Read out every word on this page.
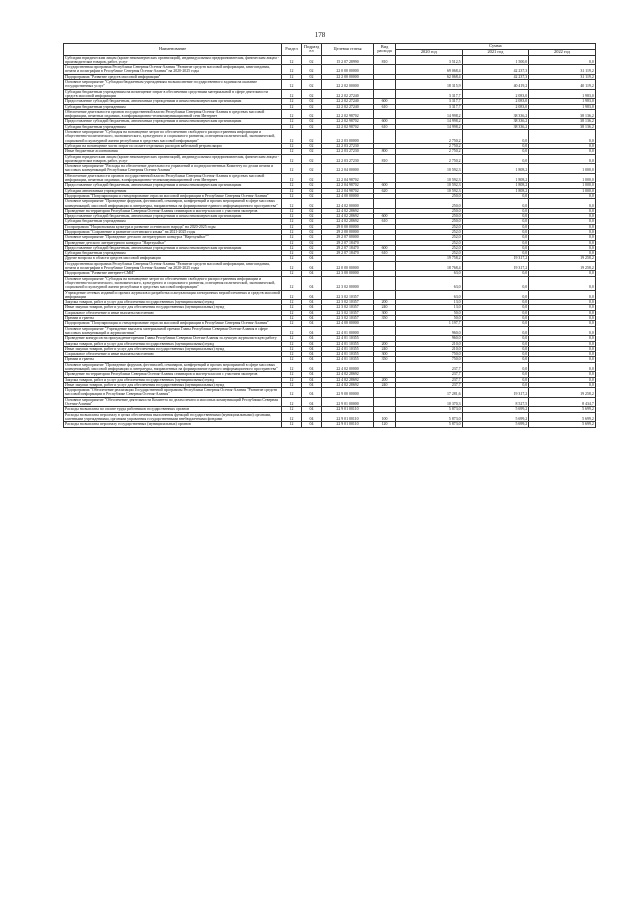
178
Наименование	Раздел	Подраздел	Целевая статья	Вид расхода	Сумма		
					2020 год	2021 год	2022 год
Субсидии юридическим лицам (кроме некоммерческих организаций), индивидуальным предпринимателям, физическим лицам - производителям товаров, работ, услуг	12	02	15 2 07 28990	810	3 512,5	1 500,0	0,0
Государственная программа Республики Северная Осетия-Алания "Развитие средств массовой информации, книгоиздания, печати и полиграфии в Республике Северная Осетия-Алания" на 2020-2025 годы	12	02	22 0 00 00000		69 068,4	42 237,3	31 119,2
Подпрограмма "Развитие средств массовой информации"	12	02	22 2 00 00000		62 068,4	42 237,3	31 119,2
Основное мероприятие "Субсидии бюджетным учреждениям на выполнение государственного задания на оказание государственных услуг"	12	02	22 2 02 00000		18 315,9	40 419,2	40 119,2
Субсидии бюджетным учреждениям на возмещение затрат в обеспечении средствами материальной в сфере деятельности средств массовой информации	12	02	22 2 02 27240		3 317,7	2 083,0	1 983,0
Предоставление субсидий бюджетным, автономным учреждениям и иным некоммерческим организациям	12	02	22 2 02 27240	600	3 317,7	2 083,0	1 983,0
Субсидии бюджетным учреждениям	12	02	22 2 02 27240	610	3 317,7	2 083,0	1 983,0
Обеспечение деятельности органов государственной власти Республики Северная Осетия-Алания в средствах массовой информации, печатных изданиях, в информационно-телекоммуникационной сети Интернет	12	02	22 2 02 98702		14 998,2	38 336,2	38 136,2
Предоставление субсидий бюджетным, автономным учреждениям и иным некоммерческим организациям	12	02	22 2 02 98702	600	14 998,2	38 336,2	38 136,2
Субсидии бюджетным учреждениям	12	02	22 2 02 98702	610	14 998,2	38 336,2	38 136,2
Основное мероприятие "Субсидия на возмещение затрат по обеспечению свободного распространения информации и общественно-политического, экономического, культурного и социального развития, освещения политической, экономической, социальной и культурной жизни республики в средствах массовой информации"	12	02	22 2 03 00000		2 750,2	0,0	0,0
Субсидии на возмещение части затрат по оплате отдельных расходов кабельной ретрансляции	12	02	22 2 03 27230		2 750,2	0,0	0,0
Иные бюджетные ассигнования	12	02	22 2 03 27230	800	2 750,2	0,0	0,0
Субсидии юридическим лицам (кроме некоммерческих организаций), индивидуальным предпринимателям, физическим лицам - производителям товаров, работ, услуг	12	02	22 2 03 27230	810	2 750,2	0,0	0,0
Основное мероприятие "Расходы на обеспечение деятельности управлений и подведомственных Комитету по делам печати и массовых коммуникаций Республики Северная Осетия-Алания"	12	02	22 2 04 00000		10 592,3	1 808,2	1 000,0
Обеспечение деятельности органов государственной власти Республики Северная Осетия-Алания в средствах массовой информации, печатных изданиях, в информационно-телекоммуникационной сети Интернет	12	02	22 2 04 98702		10 592,3	1 808,2	1 000,0
Предоставление субсидий бюджетным, автономным учреждениям и иным некоммерческим организациям	12	02	22 2 04 98702	600	10 592,3	1 808,2	1 000,0
Субсидии автономным учреждениям	12	02	22 2 04 98702	620	10 592,3	1 808,2	1 000,0
Подпрограмма "Популяризация и стимулирование отрасли массовой информации в Республике Северная Осетия-Алания"	12	02	22 4 00 00000		250,0	0,0	0,0
Основное мероприятие "Проведение форумов, фестивалей, семинаров, конференций и прочих мероприятий в сфере массовых коммуникаций, массовой информации и литературы, направленных на формирование единого информационного пространства"	12	02	22 4 02 00000		250,0	0,0	0,0
Проведение на территории Республики Северная Осетия-Алания семинаров и мастер-классов с участием экспертов	12	02	22 4 02 28692		250,0	0,0	0,0
Предоставление субсидий бюджетным, автономным учреждениям и иным некоммерческим организациям	12	02	22 4 02 28692	600	250,0	0,0	0,0
Субсидии бюджетным учреждениям	12	02	22 4 02 28692	610	250,0	0,0	0,0
Госпрограмма "Национальная культура и развитие осетинского народа" на 2020-2025 годы	12	02	29 0 00 00000		252,0	0,0	0,0
Подпрограмма "Сохранение и развитие осетинского языка" на 2021-2025 годы	12	02	29 2 00 00000		252,0	0,0	0,0
Основное мероприятие "Проведение детского литературного конкурса "Нартхуыйыг""	12	02	29 2 07 00000		252,0	0,0	0,0
Проведение детского литературного конкурса "Нартхуыйыг"	12	02	29 2 07 18470		252,0	0,0	0,0
Предоставление субсидий бюджетным, автономным учреждениям и иным некоммерческим организациям	12	02	29 2 07 18470	600	252,0	0,0	0,0
Субсидии бюджетным учреждениям	12	02	29 2 07 18470	610	252,0	0,0	0,0
Другие вопросы в области средств массовой информации	12	04			19 758,2	19 317,2	19 258,2
Государственная программа Республики Северная Осетия-Алания "Развитие средств массовой информации, книгоиздания, печати и полиграфии в Республике Северная Осетия-Алания" на 2020-2025 годы	12	04	22 0 00 00000		18 768,4	19 317,2	19 258,2
Подпрограмма "Развитие интернет-СМИ"	12	04	22 3 00 00000		63,0	0,0	0,0
Основное мероприятие "Субсидия на возмещение затрат по обеспечению свободного распространения информации и общественно-политического, экономического, культурного и социального развития, освещения политической, экономической, социальной и культурной жизни республики в средствах массовой информации"	12	04	22 3 02 00000		63,0	0,0	0,0
Учреждение сетевых изданий и прочих журналов и разработка и актуализация электронных версий печатных и средств массовой информации	12	04	22 3 02 10357		63,0	0,0	0,0
Закупка товаров, работ и услуг для обеспечения государственных (муниципальных) нужд	12	04	22 3 02 10357	200	13,0	0,0	0,0
Иные закупки товаров, работ и услуг для обеспечения государственных (муниципальных) нужд	12	04	22 3 02 10357	240	13,0	0,0	0,0
Социальное обеспечение и иные выплаты населению	12	04	22 3 02 10357	300	50,0	0,0	0,0
Премии и гранты	12	04	22 3 02 10357	350	50,0	0,0	0,0
Подпрограмма "Популяризация и стимулирование отрасли массовой информации в Республике Северная Осетия-Алания"	12	04	22 4 00 00000		1 197,7	0,0	0,0
Основное мероприятие "Учреждение выплаты материальной премии Главы Республики Северная Осетия-Алания в сфере массовых коммуникаций и журналистики"	12	04	22 4 01 00000		960,0	0,0	0,0
Проведение конкурсов на присуждение премии Главы Республики Северная Осетия-Алания за лучшую журналистскую работу	12	04	22 4 01 10355		960,0	0,0	0,0
Закупка товаров, работ и услуг для обеспечения государственных (муниципальных) нужд	12	04	22 4 01 10355	200	210,0	0,0	0,0
Иные закупки товаров, работ и услуг для обеспечения государственных (муниципальных) нужд	12	04	22 4 01 10355	240	210,0	0,0	0,0
Социальное обеспечение и иные выплаты населению	12	04	22 4 01 10355	300	750,0	0,0	0,0
Премии и гранты	12	04	22 4 01 10355	350	750,0	0,0	0,0
Основное мероприятие "Проведение форумов, фестивалей, семинаров, конференций и прочих мероприятий в сфере массовых коммуникаций, массовой информации и литературы, направленных на формирование единого информационного пространства"	12	04	22 4 02 00000		237,7	0,0	0,0
Проведение на территории Республики Северная Осетия-Алания семинаров и мастер-классов с участием экспертов	12	04	22 4 02 28692		237,7	0,0	0,0
Закупка товаров, работ и услуг для обеспечения государственных (муниципальных) нужд	12	04	22 4 02 28692	200	237,7	0,0	0,0
Иные закупки товаров, работ и услуг для обеспечения государственных (муниципальных) нужд	12	04	22 4 02 28692	240	237,7	0,0	0,0
Подпрограмма "Обеспечение реализации Государственной программы Республики Северная Осетия-Алания "Развитие средств массовой информации в Республике Северная Осетия-Алания"	12	04	22 9 00 00000		17 281,6	19 317,2	19 258,2
Основное мероприятие "Обеспечение деятельности Комитета по делам печати и массовых коммуникаций Республики Северная Осетия-Алания"	12	04	22 9 01 00000		10 370,3	8 527,5	8 434,7
Расходы на выплаты по оплате труда работников государственных органов	12	04	22 9 01 00110		5 873,0	5 699,2	5 699,2
Расходы на выплаты персоналу в целях обеспечения выполнения функций государственными (муниципальными) органами, казенными учреждениями, органами управления государственными внебюджетными фондами	12	04	22 9 01 00110	100	5 873,0	5 699,2	5 699,2
Расходы на выплаты персоналу государственных (муниципальных) органов	12	04	22 9 01 00110	120	5 873,0	5 699,2	5 699,2
